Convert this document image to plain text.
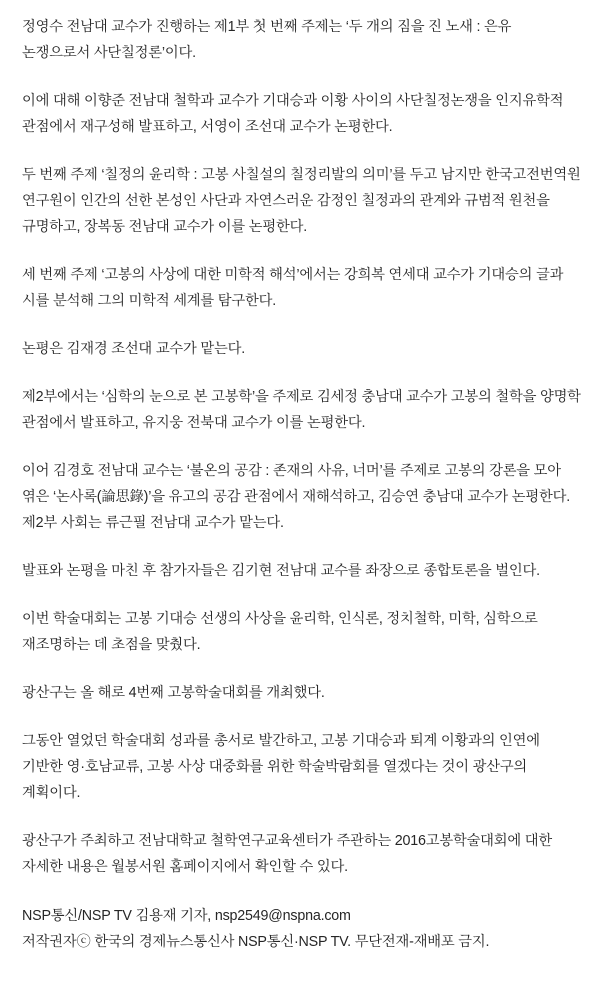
정영수 전남대 교수가 진행하는 제1부 첫 번째 주제는 ‘두 개의 짐을 진 노새 : 은유 논쟁으로서 사단칠정론’이다.

이에 대해 이향준 전남대 철학과 교수가 기대승과 이황 사이의 사단칠정논쟁을 인지유학적 관점에서 재구성해 발표하고, 서영이 조선대 교수가 논평한다.

두 번째 주제 ‘칠정의 윤리학 : 고봉 사칠설의 칠정리발의 의미’를 두고 남지만 한국고전번역원 연구원이 인간의 선한 본성인 사단과 자연스러운 감정인 칠정과의 관계와 규범적 원천을 규명하고, 장복동 전남대 교수가 이를 논평한다.

세 번째 주제 ‘고봉의 사상에 대한 미학적 해석’에서는 강희복 연세대 교수가 기대승의 글과 시를 분석해 그의 미학적 세계를 탐구한다.

논평은 김재경 조선대 교수가 맡는다.

제2부에서는 ‘심학의 눈으로 본 고봉학’을 주제로 김세정 충남대 교수가 고봉의 철학을 양명학 관점에서 발표하고, 유지웅 전북대 교수가 이를 논평한다.

이어 김경호 전남대 교수는 ‘불온의 공감 : 존재의 사유, 너머’를 주제로 고봉의 강론을 모아 엮은 ‘논사록(論思錄)’을 유고의 공감 관점에서 재해석하고, 김승연 충남대 교수가 논평한다. 제2부 사회는 류근필 전남대 교수가 맡는다.

발표와 논평을 마친 후 참가자들은 김기현 전남대 교수를 좌장으로 종합토론을 벌인다.

이번 학술대회는 고봉 기대승 선생의 사상을 윤리학, 인식론, 정치철학, 미학, 심학으로 재조명하는 데 초점을 맞췄다.

광산구는 올 해로 4번째 고봉학술대회를 개최했다.

그동안 열었던 학술대회 성과를 총서로 발간하고, 고봉 기대승과 퇴계 이황과의 인연에 기반한 영·호남교류, 고봉 사상 대중화를 위한 학술박람회를 열겠다는 것이 광산구의 계획이다.

광산구가 주최하고 전남대학교 철학연구교육센터가 주관하는 2016고봉학술대회에 대한 자세한 내용은 월봉서원 홈페이지에서 확인할 수 있다.

NSP통신/NSP TV 김용재 기자, nsp2549@nspna.com

저작권자ⓒ 한국의 경제뉴스통신사 NSP통신·NSP TV. 무단전재-재배포 금지.
